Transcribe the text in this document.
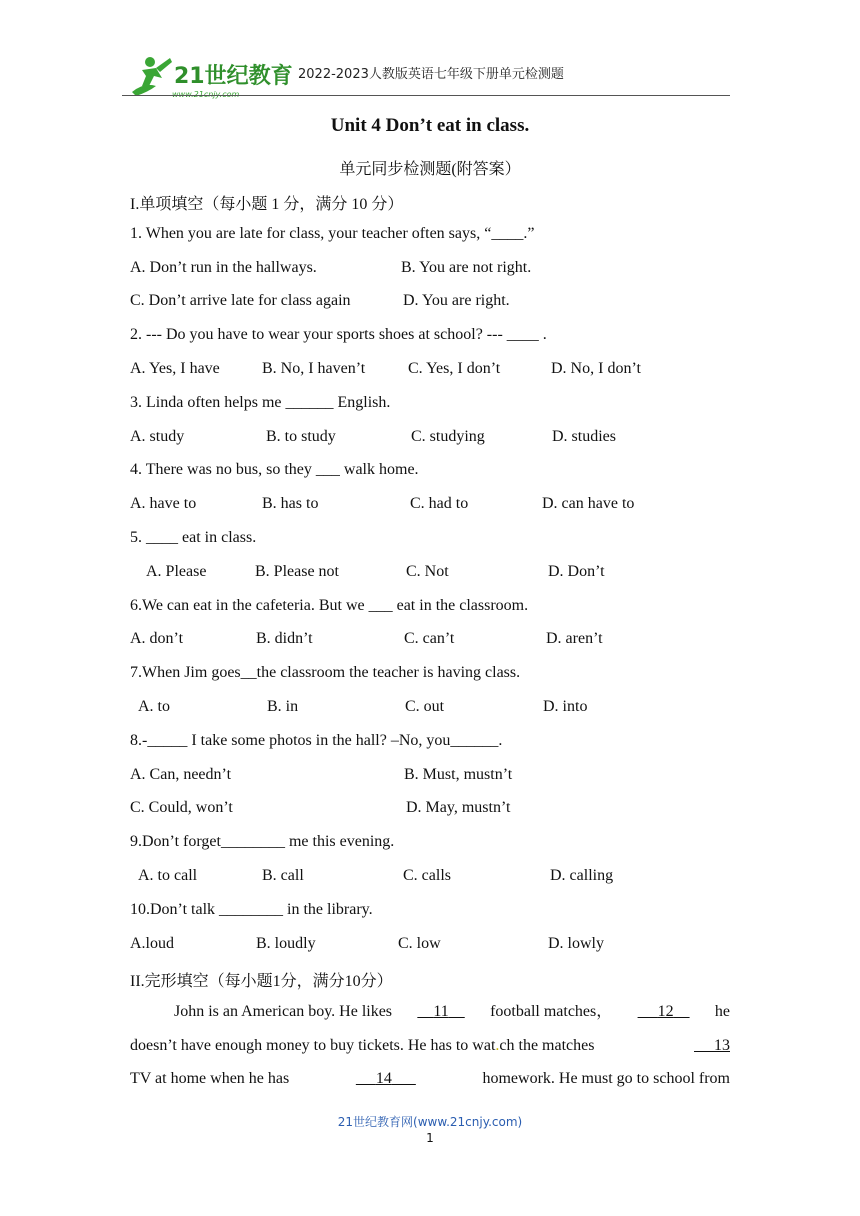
21世纪教育
www.21cnjy.com
2022-2023人教版英语七年级下册单元检测题
Unit 4 Don’t eat in class.
单元同步检测题(附答案）
I.单项填空（每小题 1 分，满分 10 分）
1. When you are late for class, your teacher often says, “____.”
A. Don’t run in the hallways.	B. You are not right.
C. Don’t arrive late for class again	D. You are right.
2. --- Do you have to wear your sports shoes at school? --- ____ .
A. Yes, I have	B. No, I haven’t	C. Yes, I don’t	D. No, I don’t
3. Linda often helps me ______ English.
A. study	B. to study	C. studying	D. studies
4. There was no bus, so they ___ walk home.
A. have to	B. has to	C. had to	D. can have to
5. ____ eat in class.
A. Please	B. Please not	C. Not	D. Don’t
6.We can eat in the cafeteria. But we ___ eat in the classroom.
A. don’t	B. didn’t	C. can’t	D. aren’t
7.When Jim goes__the classroom the teacher is having class.
A. to	B. in	C. out	D. into
8.-_____ I take some photos in the hall? –No, you______.
A. Can, needn’t	B. Must, mustn’t
C. Could, won’t	D. May, mustn’t
9.Don’t forget________ me this evening.
A. to call	B. call	C. calls	D. calling
10.Don’t talk ________ in the library.
A.loud	B. loudly	C. low	D. lowly
II.完形填空（每小题1分，满分10分）
John is an American boy. He likes	11	football matches，	12	he
doesn’t have enough money to buy tickets. He has to wat.ch the matches	13
TV at home when he has	14	homework. He must go to school from
21世纪教育网(www.21cnjy.com)
1
